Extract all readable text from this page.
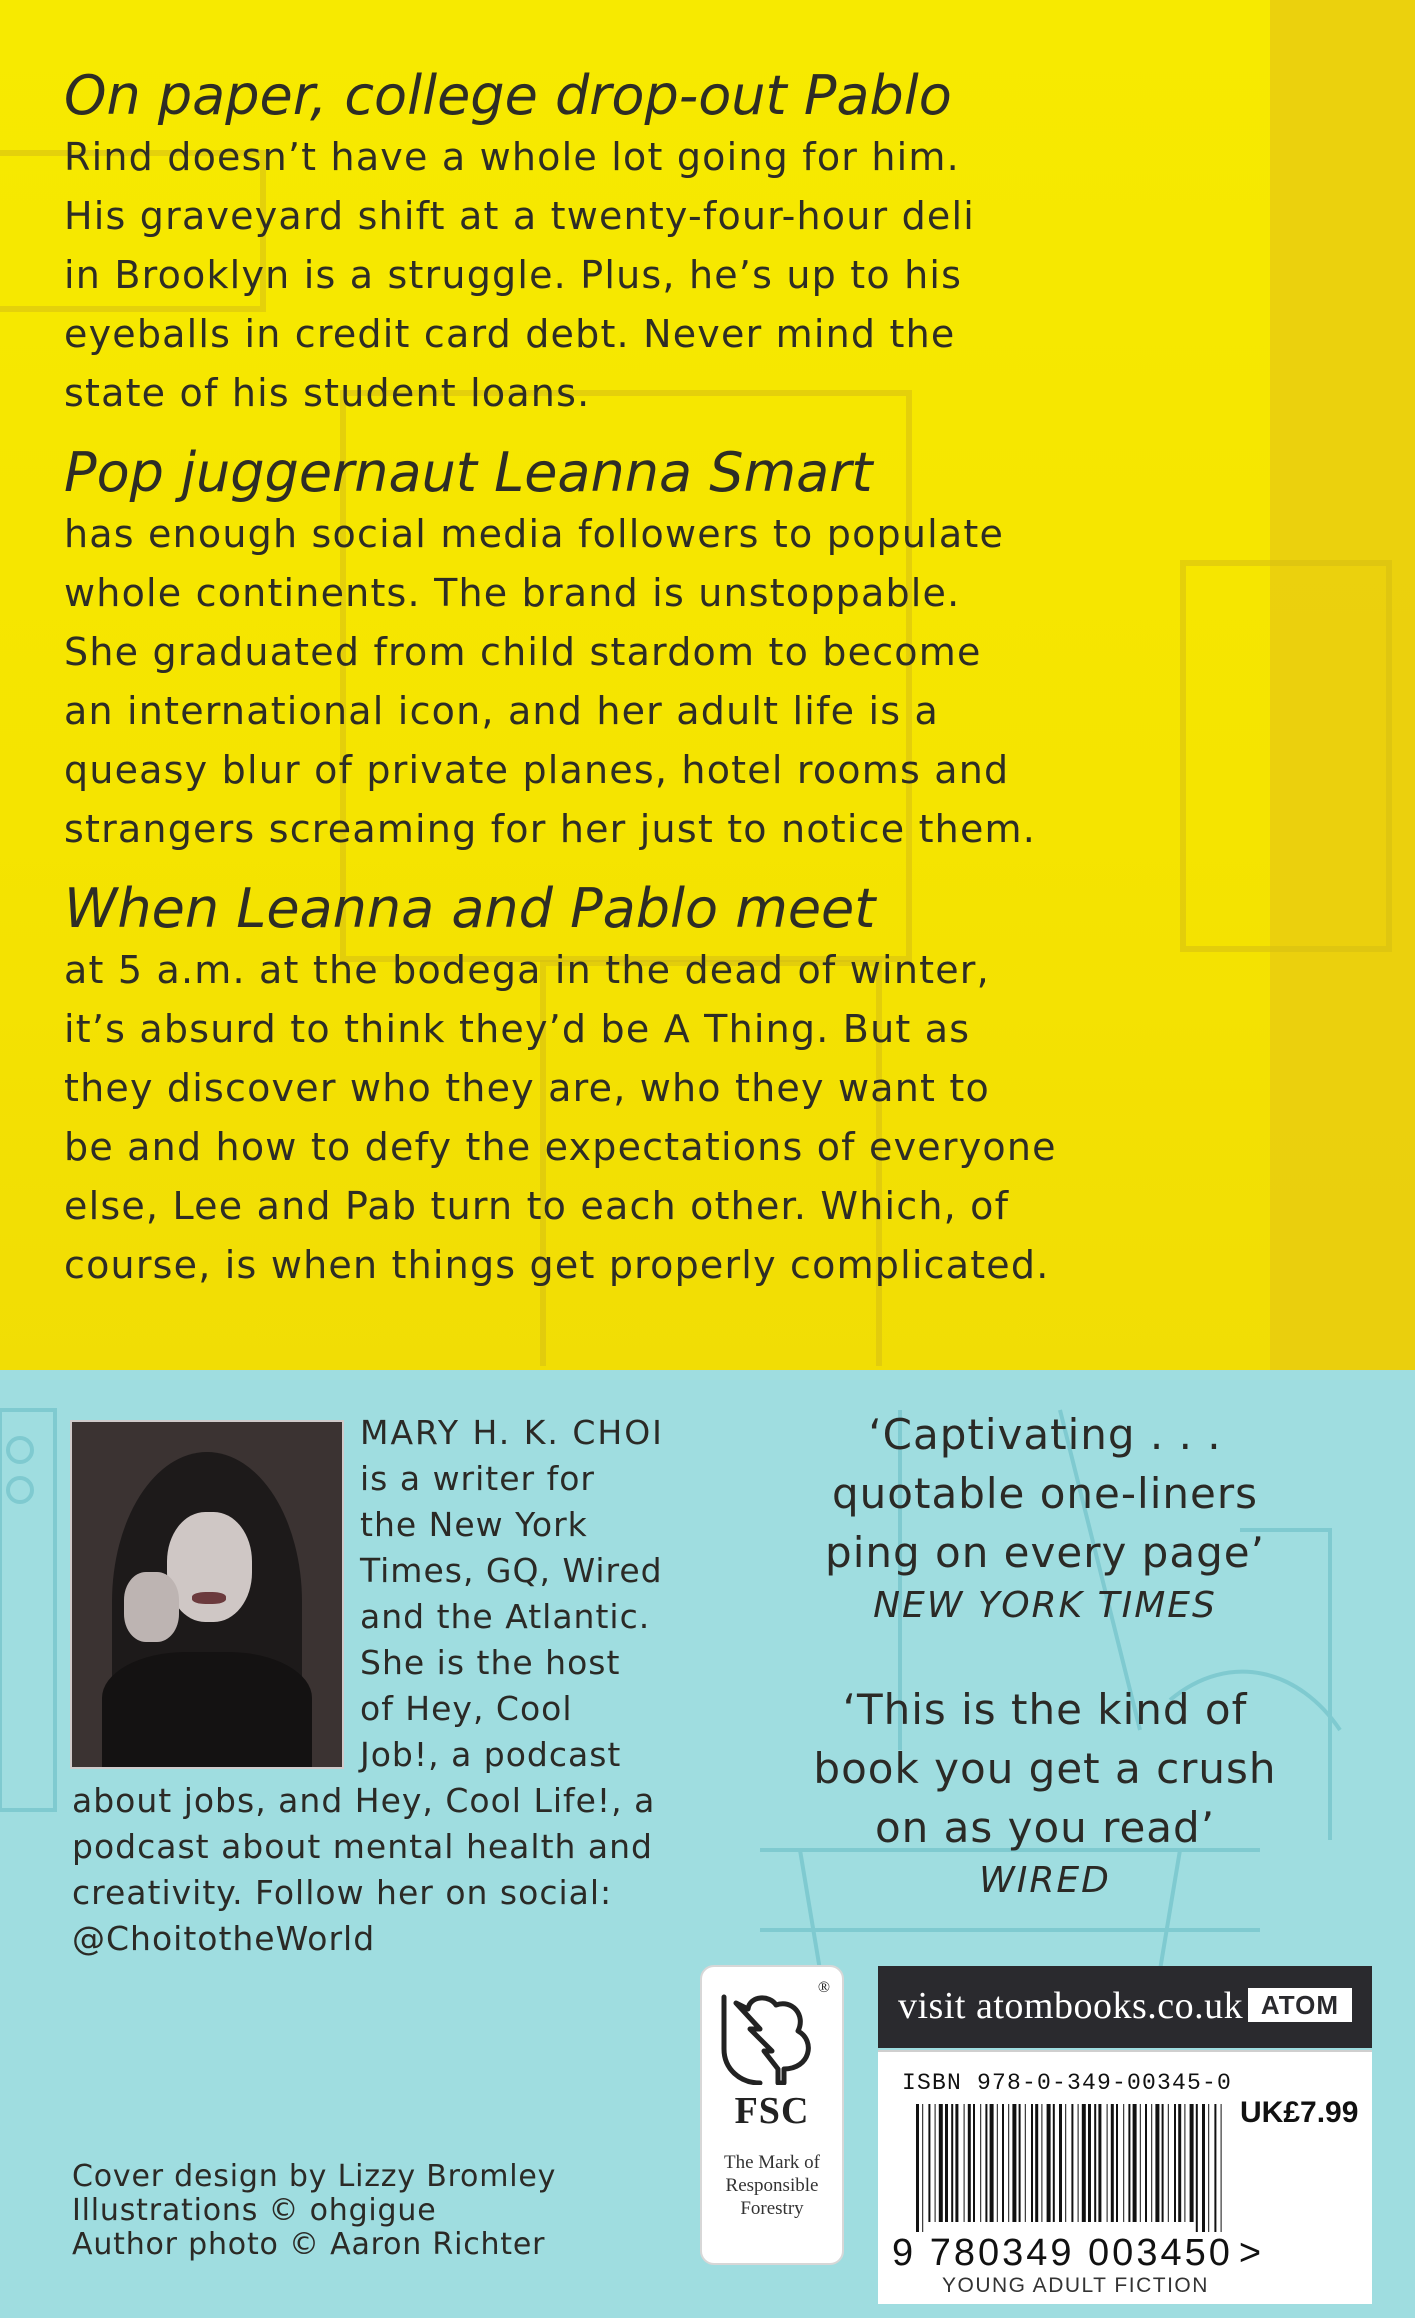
On paper, college drop-out Pablo

Rind doesn’t have a whole lot going for him.
His graveyard shift at a twenty-four-hour deli
in Brooklyn is a struggle. Plus, he’s up to his
eyeballs in credit card debt. Never mind the
state of his student loans.

Pop juggernaut Leanna Smart

has enough social media followers to populate
whole continents. The brand is unstoppable.
She graduated from child stardom to become
an international icon, and her adult life is a
queasy blur of private planes, hotel rooms and
strangers screaming for her just to notice them.

When Leanna and Pablo meet

at 5 a.m. at the bodega in the dead of winter,
it’s absurd to think they’d be A Thing. But as
they discover who they are, who they want to
be and how to defy the expectations of everyone
else, Lee and Pab turn to each other. Which, of
course, is when things get properly complicated.

MARY H. K. CHOI
is a writer for
the New York
Times, GQ, Wired
and the Atlantic.
She is the host
of Hey, Cool
Job!, a podcast
about jobs, and Hey, Cool Life!, a
podcast about mental health and
creativity. Follow her on social:
@ChoitotheWorld
‘Captivating . . .
quotable one-liners
ping on every page’
NEW YORK TIMES
‘This is the kind of
book you get a crush
on as you read’
WIRED
Cover design by Lizzy Bromley
Illustrations © ohgigue
Author photo © Aaron Richter
®
FSC
The Mark of
Responsible
Forestry
visit atombooks.co.uk ATOM
ISBN 978-0-349-00345-0
UK£7.99
9 780349 003450 >
YOUNG ADULT FICTION
